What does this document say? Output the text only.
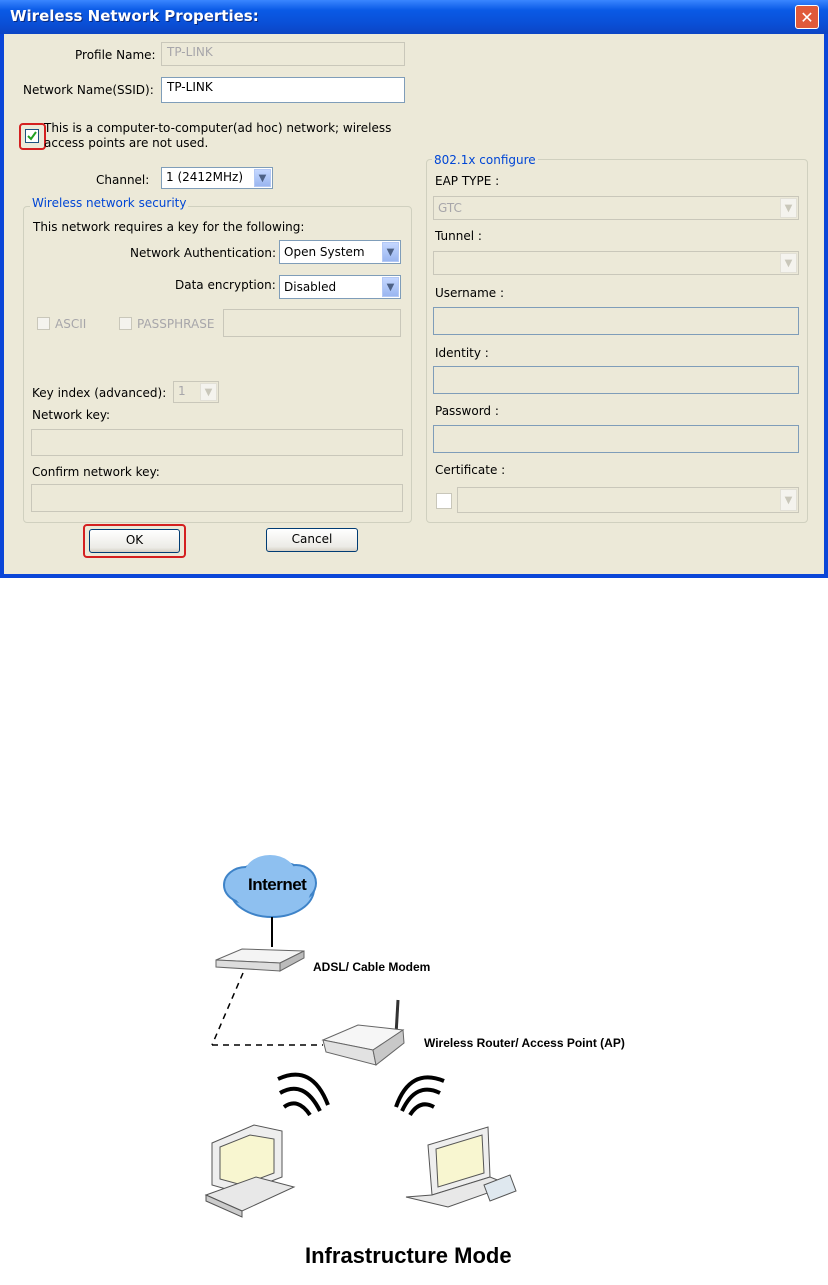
Wireless Network Properties:	✕
Profile Name: TP-LINK
Network Name(SSID):	TP-LINK
This is a computer-to-computer(ad hoc) network; wireless
access points are not used.
Channel: 1 (2412MHz)	▼
Wireless network security
This network requires a key for the following:
Network Authentication: Open System	▼
Data encryption: Disabled	▼
ASCII	PASSPHRASE
Key index (advanced): 1	▼
Network key:
Confirm network key:
OK	Cancel
802.1x configure
EAP TYPE :
GTC	▼
Tunnel :
▼
Username :
Identity :
Password :
Certificate :
▼
Internet
ADSL/ Cable Modem
Wireless Router/ Access Point (AP)
Infrastructure Mode
